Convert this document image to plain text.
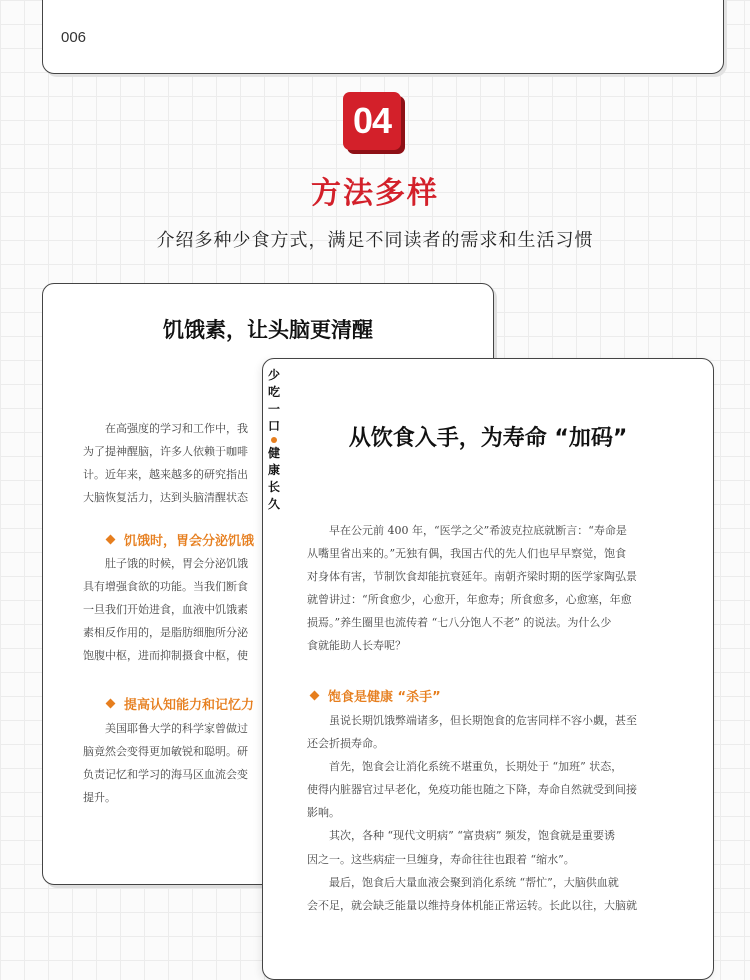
006
04
方法多样
介绍多种少食方式，满足不同读者的需求和生活习惯
饥饿素，让头脑更清醒
在高强度的学习和工作中，我
为了提神醒脑，许多人依赖于咖啡
计。近年来，越来越多的研究指出
大脑恢复活力，达到头脑清醒状态
饥饿时，胃会分泌饥饿
肚子饿的时候，胃会分泌饥饿
具有增强食欲的功能。当我们断食
一旦我们开始进食，血液中饥饿素
素相反作用的，是脂肪细胞所分泌
饱腹中枢，进而抑制摄食中枢，使
提高认知能力和记忆力
美国耶鲁大学的科学家曾做过
脑竟然会变得更加敏锐和聪明。研
负责记忆和学习的海马区血流会变
提升。
少
吃
一
口
健
康
长
久
从饮食入手，为寿命 “加码”
早在公元前 400 年，“医学之父”希波克拉底就断言：“寿命是
从嘴里省出来的。”无独有偶，我国古代的先人们也早早察觉，饱食
对身体有害，节制饮食却能抗衰延年。南朝齐梁时期的医学家陶弘景
就曾讲过：“所食愈少，心愈开，年愈寿；所食愈多，心愈塞，年愈
损焉。”养生圈里也流传着 “七八分饱人不老” 的说法。为什么少
食就能助人长寿呢？
饱食是健康 “杀手”
虽说长期饥饿弊端诸多，但长期饱食的危害同样不容小觑，甚至
还会折损寿命。
首先，饱食会让消化系统不堪重负，长期处于 “加班” 状态，
使得内脏器官过早老化，免疫功能也随之下降，寿命自然就受到间接
影响。
其次，各种 “现代文明病” “富贵病” 频发，饱食就是重要诱
因之一。这些病症一旦缠身，寿命往往也跟着 “缩水”。
最后，饱食后大量血液会聚到消化系统 “帮忙”，大脑供血就
会不足，就会缺乏能量以维持身体机能正常运转。长此以往，大脑就
